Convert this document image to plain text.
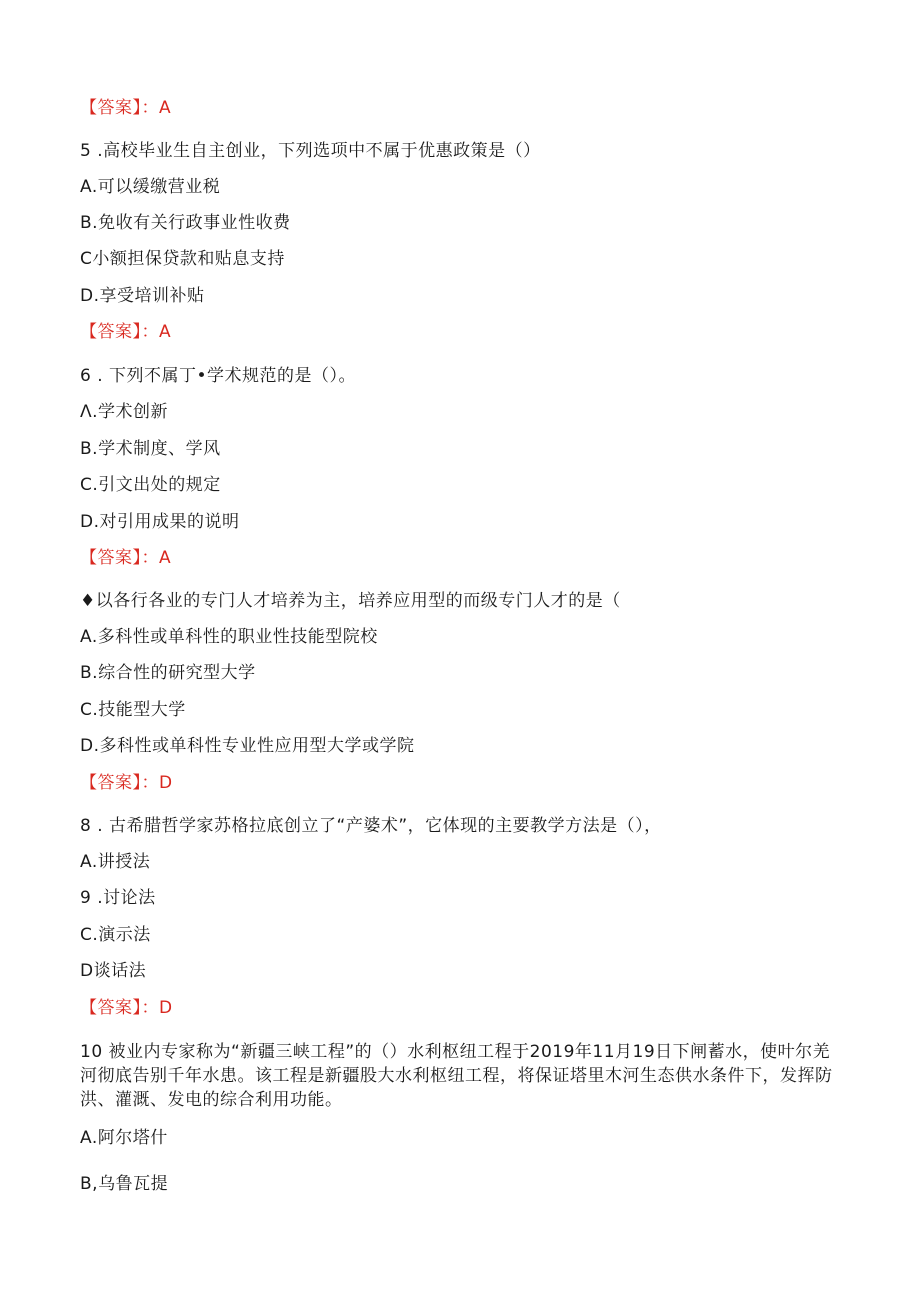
【答案】：A
5 .高校毕业生自主创业，下列选项中不属于优惠政策是（）
A.可以缓缴营业税
B.免收有关行政事业性收费
C小额担保贷款和贴息支持
D.享受培训补贴
【答案】：A
6 . 下列不属丁•学术规范的是（）。
Λ.学术创新
B.学术制度、学风
C.引文出处的规定
D.对引用成果的说明
【答案】：A
♦以各行各业的专门人才培养为主，培养应用型的而级专门人才的是（
A.多科性或单科性的职业性技能型院校
B.综合性的研究型大学
C.技能型大学
D.多科性或单科性专业性应用型大学或学院
【答案】：D
8 . 古希腊哲学家苏格拉底创立了“产婆术”，它体现的主要教学方法是（），
A.讲授法
9 .讨论法
C.演示法
D谈话法
【答案】：D
10 被业内专家称为“新疆三峡工程”的（）水利枢纽工程于2019年11月19日下闸蓄水，使叶尔羌河彻底告别千年水患。该工程是新疆股大水利枢纽工程，将保证塔里木河生态供水条件下，发挥防洪、灌溉、发电的综合利用功能。
A.阿尔塔什
B,乌鲁瓦提
